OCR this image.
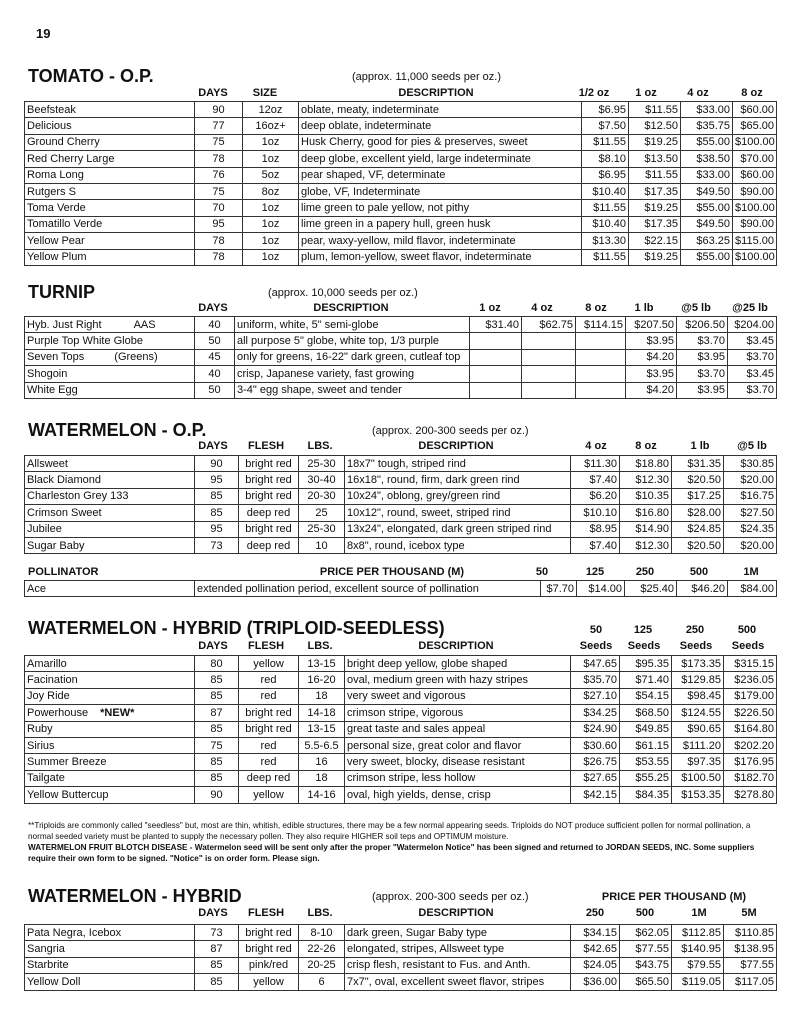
19
TOMATO - O.P.	(approx. 11,000 seeds per oz.)
DAYS	SIZE	DESCRIPTION	1/2 oz	1 oz	4 oz	8 oz
Beefsteak	90	12oz	oblate, meaty, indeterminate	$6.95	$11.55	$33.00	$60.00
Delicious	77	16oz+	deep oblate, indeterminate	$7.50	$12.50	$35.75	$65.00
Ground Cherry	75	1oz	Husk Cherry, good for pies & preserves, sweet	$11.55	$19.25	$55.00	$100.00
Red Cherry Large	78	1oz	deep globe, excellent yield, large indeterminate	$8.10	$13.50	$38.50	$70.00
Roma Long	76	5oz	pear shaped, VF, determinate	$6.95	$11.55	$33.00	$60.00
Rutgers S	75	8oz	globe, VF, Indeterminate	$10.40	$17.35	$49.50	$90.00
Toma Verde	70	1oz	lime green to pale yellow, not pithy	$11.55	$19.25	$55.00	$100.00
Tomatillo Verde	95	1oz	lime green in a papery hull, green husk	$10.40	$17.35	$49.50	$90.00
Yellow Pear	78	1oz	pear, waxy-yellow, mild flavor, indeterminate	$13.30	$22.15	$63.25	$115.00
Yellow Plum	78	1oz	plum, lemon-yellow, sweet flavor, indeterminate	$11.55	$19.25	$55.00	$100.00
TURNIP	(approx. 10,000 seeds per oz.)
DAYS	DESCRIPTION	1 oz	4 oz	8 oz	1 lb	@5 lb	@25 lb
Hyb. Just Right AAS	40	uniform, white, 5" semi-globe	$31.40	$62.75	$114.15	$207.50	$206.50	$204.00
Purple Top White Globe	50	all purpose 5" globe, white top, 1/3 purple				$3.95	$3.70	$3.45
Seven Tops (Greens)	45	only for greens, 16-22" dark green, cutleaf top				$4.20	$3.95	$3.70
Shogoin	40	crisp, Japanese variety, fast growing				$3.95	$3.70	$3.45
White Egg	50	3-4" egg shape, sweet and tender				$4.20	$3.95	$3.70
WATERMELON - O.P.	(approx. 200-300 seeds per oz.)
DAYS	FLESH	LBS.	DESCRIPTION	4 oz	8 oz	1 lb	@5 lb
Allsweet	90	bright red	25-30	18x7" tough, striped rind	$11.30	$18.80	$31.35	$30.85
Black Diamond	95	bright red	30-40	16x18", round, firm, dark green rind	$7.40	$12.30	$20.50	$20.00
Charleston Grey 133	85	bright red	20-30	10x24", oblong, grey/green rind	$6.20	$10.35	$17.25	$16.75
Crimson Sweet	85	deep red	25	10x12", round, sweet, striped rind	$10.10	$16.80	$28.00	$27.50
Jubilee	95	bright red	25-30	13x24", elongated, dark green striped rind	$8.95	$14.90	$24.85	$24.35
Sugar Baby	73	deep red	10	8x8", round, icebox type	$7.40	$12.30	$20.50	$20.00
POLLINATOR	PRICE PER THOUSAND (M)	50	125	250	500	1M
Ace	extended pollination period, excellent source of pollination	$7.70	$14.00	$25.40	$46.20	$84.00
WATERMELON - HYBRID (TRIPLOID-SEEDLESS)	50	125	250	500
DAYS	FLESH	LBS.	DESCRIPTION	Seeds	Seeds	Seeds	Seeds
Amarillo	80	yellow	13-15	bright deep yellow, globe shaped	$47.65	$95.35	$173.35	$315.15
Facination	85	red	16-20	oval, medium green with hazy stripes	$35.70	$71.40	$129.85	$236.05
Joy Ride	85	red	18	very sweet and vigorous	$27.10	$54.15	$98.45	$179.00
Powerhouse *NEW*	87	bright red	14-18	crimson stripe, vigorous	$34.25	$68.50	$124.55	$226.50
Ruby	85	bright red	13-15	great taste and sales appeal	$24.90	$49.85	$90.65	$164.80
Sirius	75	red	5.5-6.5	personal size, great color and flavor	$30.60	$61.15	$111.20	$202.20
Summer Breeze	85	red	16	very sweet, blocky, disease resistant	$26.75	$53.55	$97.35	$176.95
Tailgate	85	deep red	18	crimson stripe, less hollow	$27.65	$55.25	$100.50	$182.70
Yellow Buttercup	90	yellow	14-16	oval, high yields, dense, crisp	$42.15	$84.35	$153.35	$278.80
**Triploids are commonly called "seedless" but, most are thin, whitish, edible structures, there may be a few normal appearing seeds. Triploids do NOT produce sufficient pollen for normal pollination, a normal seeded variety must be planted to supply the necessary pollen. They also require HIGHER soil teps and OPTIMUM moisture.
WATERMELON FRUIT BLOTCH DISEASE - Watermelon seed will be sent only after the proper "Watermelon Notice" has been signed and returned to JORDAN SEEDS, INC. Some suppliers require their own form to be signed. "Notice" is on order form. Please sign.
WATERMELON - HYBRID	(approx. 200-300 seeds per oz.)	PRICE PER THOUSAND (M)
DAYS	FLESH	LBS.	DESCRIPTION	250	500	1M	5M
Pata Negra, Icebox	73	bright red	8-10	dark green, Sugar Baby type	$34.15	$62.05	$112.85	$110.85
Sangria	87	bright red	22-26	elongated, stripes, Allsweet type	$42.65	$77.55	$140.95	$138.95
Starbrite	85	pink/red	20-25	crisp flesh, resistant to Fus. and Anth.	$24.05	$43.75	$79.55	$77.55
Yellow Doll	85	yellow	6	7x7", oval, excellent sweet flavor, stripes	$36.00	$65.50	$119.05	$117.05
